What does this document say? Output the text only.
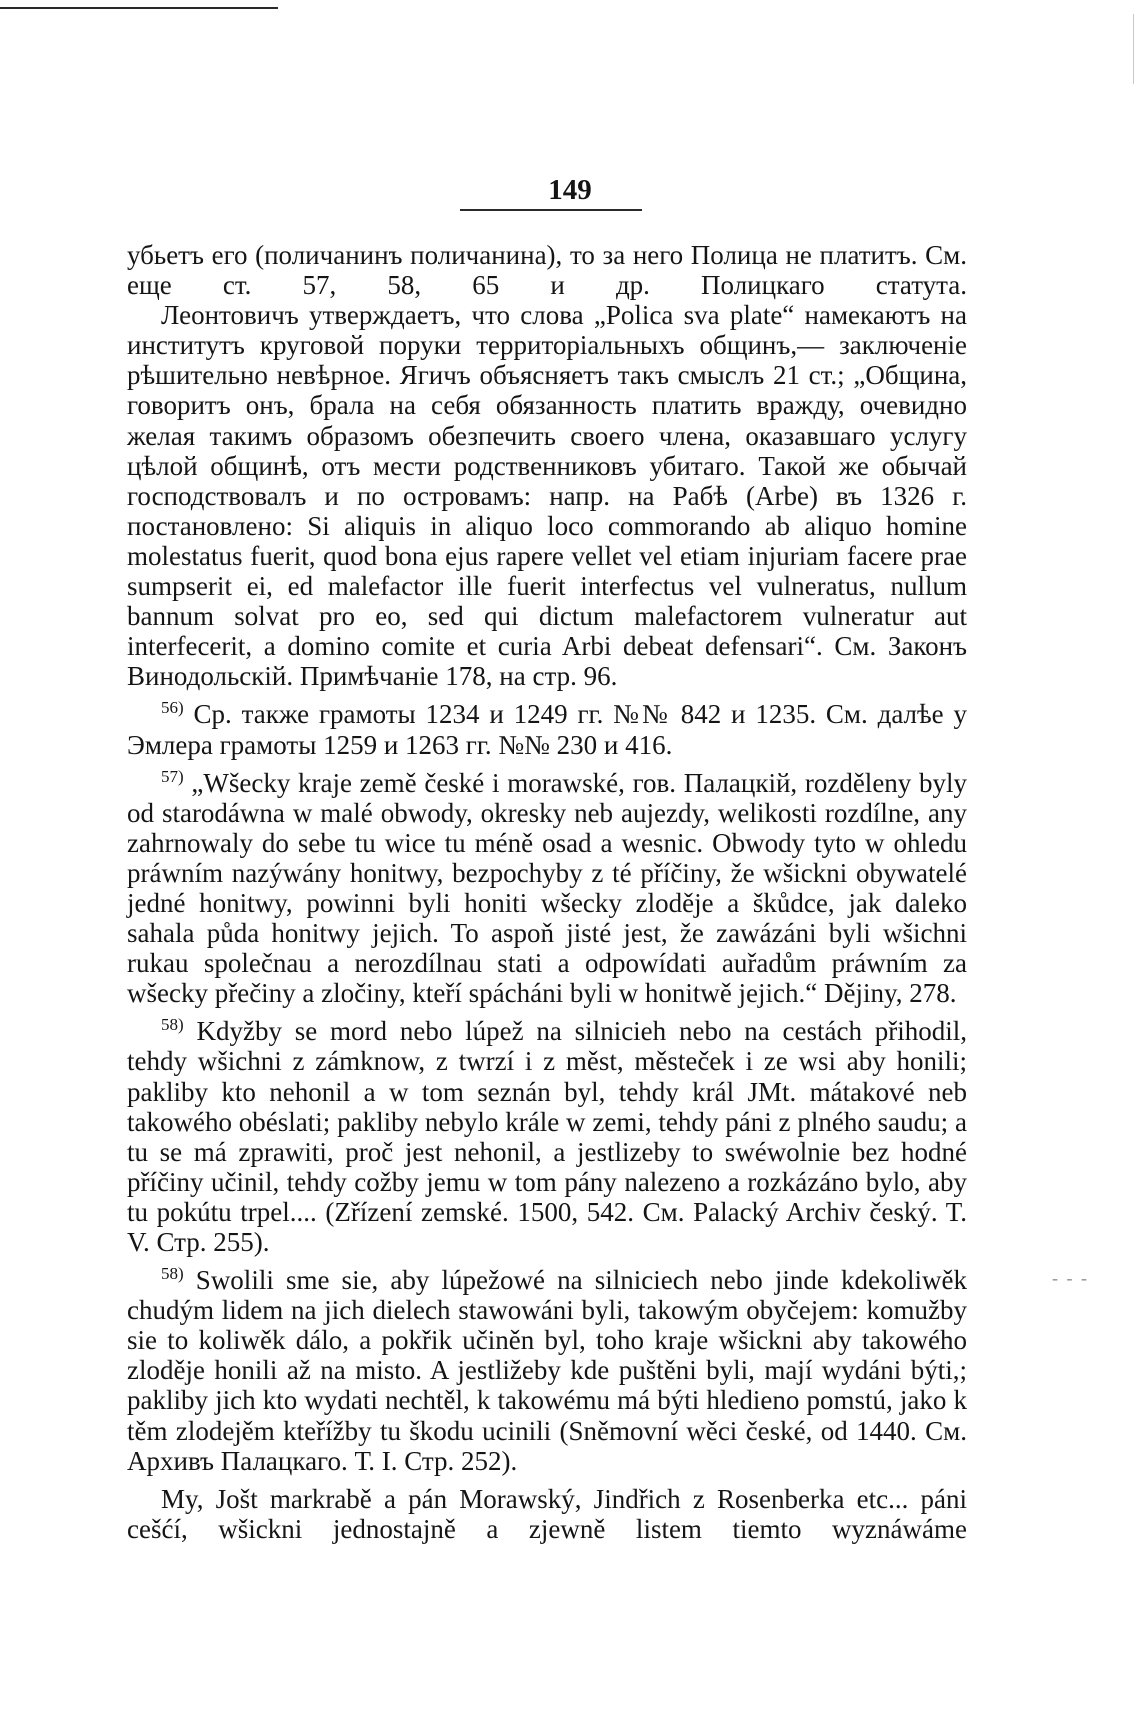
149

убьетъ его (поличанинъ поличанина), то за него Полица не платитъ. См. еще ст. 57, 58, 65 и др. Полицкаго статута.

Леонтовичъ утверждаетъ, что слова „Polica sva plate“ намекаютъ на институтъ круговой поруки территоріальныхъ общинъ,— заключеніе рѣшительно невѣрное. Ягичъ объясняетъ такъ смыслъ 21 ст.; „Община, говоритъ онъ, брала на себя обязанность платить вражду, очевидно желая такимъ образомъ обезпечить своего члена, оказавшаго услугу цѣлой общинѣ, отъ мести родственниковъ убитаго. Такой же обычай господствовалъ и по островамъ: напр. на Рабѣ (Arbe) въ 1326 г. постановлено: Si aliquis in aliquo loco commorando ab aliquo homine molestatus fuerit, quod bona ejus rapere vellet vel etiam injuriam facere prae sumpserit ei, ed malefactor ille fuerit interfectus vel vulneratus, nullum bannum solvat pro eo, sed qui dictum malefactorem vulneratur aut interfecerit, a domino comite et curia Arbi debeat defensari“. См. Законъ Винодольскій. Примѣчаніе 178, на стр. 96.

$^{56)}$ Ср. также грамоты 1234 и 1249 гг. №№ 842 и 1235. См. далѣе у Эмлера грамоты 1259 и 1263 гг. №№ 230 и 416.

$^{57)}$ „Wšecky kraje země české i morawské, гов. Палацкій, rozděleny byly od starodáwna w malé obwody, okresky neb aujezdy, welikosti rozdílne, any zahrnowaly do sebe tu wice tu méně osad a wesnic. Obwody tyto w ohledu práwním nazýwány honitwy, bezpochyby z té příčiny, že wšickni obywatelé jedné honitwy, powinni byli honiti wšecky zloděje a škůdce, jak daleko sahala půda honitwy jejich. To aspoň jisté jest, že zawázáni byli wšichni rukau společnau a nerozdílnau stati a odpowídati auřadům práwním za wšecky přečiny a zločiny, kteří spácháni byli w honitwě jejich.“ Dějiny, 278.

$^{58)}$ Kdyžby se mord nebo lúpež na silnicieh nebo na cestách přihodil, tehdy wšichni z zámknow, z twrzí i z měst, městeček i ze wsi aby honili; pakliby kto nehonil a w tom seznán byl, tehdy král JMt. mátakové neb takowého obéslati; pakliby nebylo krále w zemi, tehdy páni z plného saudu; a tu se má zprawiti, proč jest nehonil, a jestlizeby to swéwolnie bez hodné příčiny učinil, tehdy cožby jemu w tom pány nalezeno a rozkázáno bylo, aby tu pokútu trpel.... (Zřízení zemské. 1500, 542. См. Palacký Archiv český. T. V. Стр. 255).

$^{58)}$ Swolili sme sie, aby lúpežowé na silniciech nebo jinde kdekoliwěk chudým lidem na jich dielech stawowáni byli, takowým obyčejem: komužby sie to koliwěk dálo, a pokřik učiněn byl, toho kraje wšickni aby takowého zloděje honili až na misto. A jestližeby kde puštěni byli, mají wydáni býti,; pakliby jich kto wydati nechtěl, k takowému má býti hledieno pomstú, jako k těm zlodejěm kteřížby tu škodu ucinili (Sněmovní wěci české, od 1440. См. Архивъ Палацкаго. Т. I. Стр. 252).

My, Jošt markrabě a pán Morawský, Jindřich z Rosenberka etc... páni cešćí, wšickni jednostajně a zjewně listem tiemto wyznáwáme

- - -
